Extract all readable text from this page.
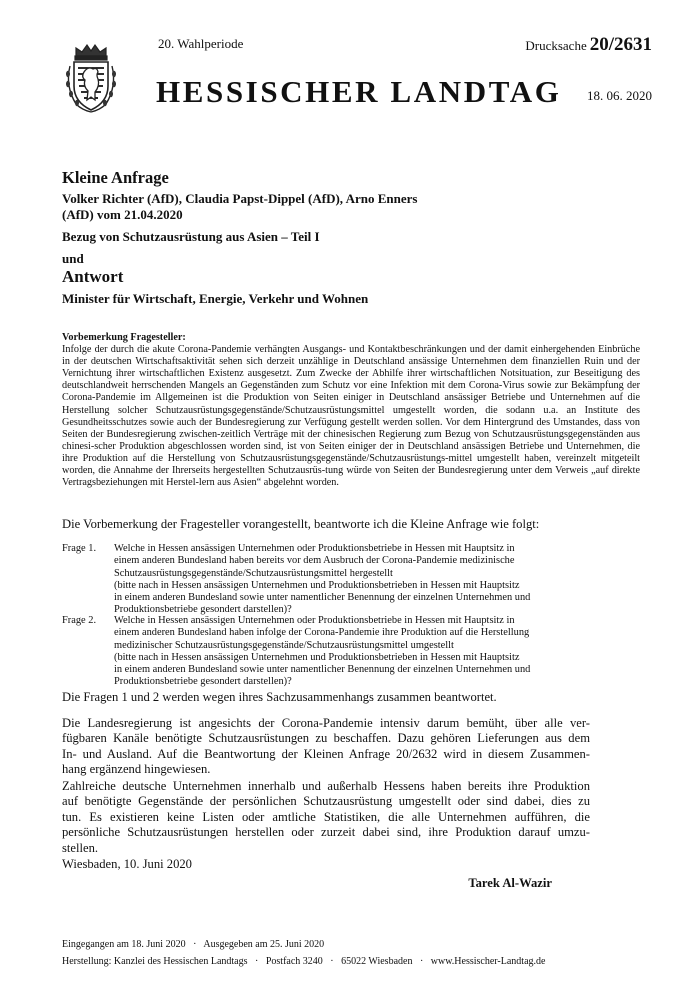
20. Wahlperiode	Drucksache 20/2631
HESSISCHER LANDTAG 18. 06. 2020
Kleine Anfrage
Volker Richter (AfD), Claudia Papst-Dippel (AfD), Arno Enners
(AfD) vom 21.04.2020
Bezug von Schutzausrüstung aus Asien – Teil I
und
Antwort
Minister für Wirtschaft, Energie, Verkehr und Wohnen
Vorbemerkung Fragesteller:

Infolge der durch die akute Corona-Pandemie verhängten Ausgangs- und Kontaktbeschränkungen und der damit einhergehenden Einbrüche in der deutschen Wirtschaftsaktivität sehen sich derzeit unzählige in Deutschland ansässige Unternehmen dem finanziellen Ruin und der Vernichtung ihrer wirtschaftlichen Existenz ausgesetzt. Zum Zwecke der Abhilfe ihrer wirtschaftlichen Notsituation, zur Beseitigung des deutschlandweit herrschenden Mangels an Gegenständen zum Schutz vor eine Infektion mit dem Corona-Virus sowie zur Bekämpfung der Corona-Pandemie im Allgemeinen ist die Produktion von Seiten einiger in Deutschland ansässiger Betriebe und Unternehmen auf die Herstellung solcher Schutzausrüstungsgegenstände/Schutzausrüstungsmittel umgestellt worden, die sodann u.a. an Institute des Gesundheitsschutzes sowie auch der Bundesregierung zur Verfügung gestellt werden sollen. Vor dem Hintergrund des Umstandes, dass von Seiten der Bundesregierung zwischen-zeitlich Verträge mit der chinesischen Regierung zum Bezug von Schutzausrüstungsgegenständen aus chinesi-scher Produktion abgeschlossen worden sind, ist von Seiten einiger der in Deutschland ansässigen Betriebe und Unternehmen, die ihre Produktion auf die Herstellung von Schutzausrüstungsgegenstände/Schutzausrüstungs-mittel umgestellt haben, vereinzelt mitgeteilt worden, die Annahme der Ihrerseits hergestellten Schutzausrüs-tung würde von Seiten der Bundesregierung unter dem Verweis „auf direkte Vertragsbeziehungen mit Herstel-lern aus Asien“ abgelehnt worden.

Die Vorbemerkung der Fragesteller vorangestellt, beantworte ich die Kleine Anfrage wie folgt:
Frage 1. Welche in Hessen ansässigen Unternehmen oder Produktionsbetriebe in Hessen mit Hauptsitz in
einem anderen Bundesland haben bereits vor dem Ausbruch der Corona-Pandemie medizinische
Schutzausrüstungsgegenstände/Schutzausrüstungsmittel hergestellt
(bitte nach in Hessen ansässigen Unternehmen und Produktionsbetrieben in Hessen mit Hauptsitz
in einem anderen Bundesland sowie unter namentlicher Benennung der einzelnen Unternehmen und
Produktionsbetriebe gesondert darstellen)?
Frage 2. Welche in Hessen ansässigen Unternehmen oder Produktionsbetriebe in Hessen mit Hauptsitz in
einem anderen Bundesland haben infolge der Corona-Pandemie ihre Produktion auf die Herstellung
medizinischer Schutzausrüstungsgegenstände/Schutzausrüstungsmittel umgestellt
(bitte nach in Hessen ansässigen Unternehmen und Produktionsbetrieben in Hessen mit Hauptsitz
in einem anderen Bundesland sowie unter namentlicher Benennung der einzelnen Unternehmen und
Produktionsbetriebe gesondert darstellen)?
Die Fragen 1 und 2 werden wegen ihres Sachzusammenhangs zusammen beantwortet.
Die Landesregierung ist angesichts der Corona-Pandemie intensiv darum bemüht, über alle ver-
fügbaren Kanäle benötigte Schutzausrüstungen zu beschaffen. Dazu gehören Lieferungen aus dem
In- und Ausland. Auf die Beantwortung der Kleinen Anfrage 20/2632 wird in diesem Zusammen-
hang ergänzend hingewiesen.
Zahlreiche deutsche Unternehmen innerhalb und außerhalb Hessens haben bereits ihre Produktion
auf benötigte Gegenstände der persönlichen Schutzausrüstung umgestellt oder sind dabei, dies zu
tun. Es existieren keine Listen oder amtliche Statistiken, die alle Unternehmen aufführen, die
persönliche Schutzausrüstungen herstellen oder zurzeit dabei sind, ihre Produktion darauf umzu-
stellen.
Wiesbaden, 10. Juni 2020
Tarek Al-Wazir
Eingegangen am 18. Juni 2020   ·   Ausgegeben am 25. Juni 2020
Herstellung: Kanzlei des Hessischen Landtags   ·   Postfach 3240   ·   65022 Wiesbaden   ·   www.Hessischer-Landtag.de
